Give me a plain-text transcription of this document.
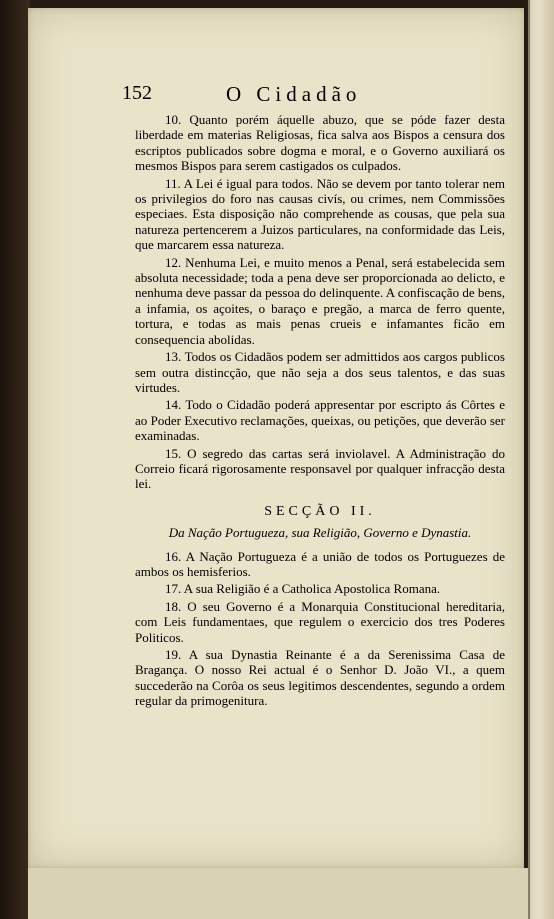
152	O Cidadão

10. Quanto porém áquelle abuzo, que se póde fazer desta liberdade em materias Religiosas, fica salva aos Bispos a censura dos escriptos publicados sobre dogma e moral, e o Governo auxiliará os mesmos Bispos para serem castigados os culpados.

11. A Lei é igual para todos. Não se devem por tanto tolerar nem os privilegios do foro nas causas civís, ou crimes, nem Commissões especiaes. Esta disposição não comprehende as cousas, que pela sua natureza pertencerem a Juizos particulares, na conformidade das Leis, que marcarem essa natureza.

12. Nenhuma Lei, e muito menos a Penal, será estabelecida sem absoluta necessidade; toda a pena deve ser proporcionada ao delicto, e nenhuma deve passar da pessoa do delinquente. A confiscação de bens, a infamia, os açoites, o baraço e pregão, a marca de ferro quente, tortura, e todas as mais penas crueis e infamantes ficão em consequencia abolidas.

13. Todos os Cidadãos podem ser admittidos aos cargos publicos sem outra distincção, que não seja a dos seus talentos, e das suas virtudes.

14. Todo o Cidadão poderá appresentar por escripto ás Côrtes e ao Poder Executivo reclamações, queixas, ou petições, que deverão ser examinadas.

15. O segredo das cartas será inviolavel. A Administração do Correio ficará rigorosamente responsavel por qualquer infracção desta lei.

SECÇÃO II.
Da Nação Portugueza, sua Religião, Governo e Dynastia.

16. A Nação Portugueza é a união de todos os Portuguezes de ambos os hemisferios.

17. A sua Religião é a Catholica Apostolica Romana.

18. O seu Governo é a Monarquia Constitucional hereditaria, com Leis fundamentaes, que regulem o exercicio dos tres Poderes Politicos.

19. A sua Dynastia Reinante é a da Serenissima Casa de Bragança. O nosso Rei actual é o Senhor D. João VI., a quem succederão na Corôa os seus legitimos descendentes, segundo a ordem regular da primogenitura.
